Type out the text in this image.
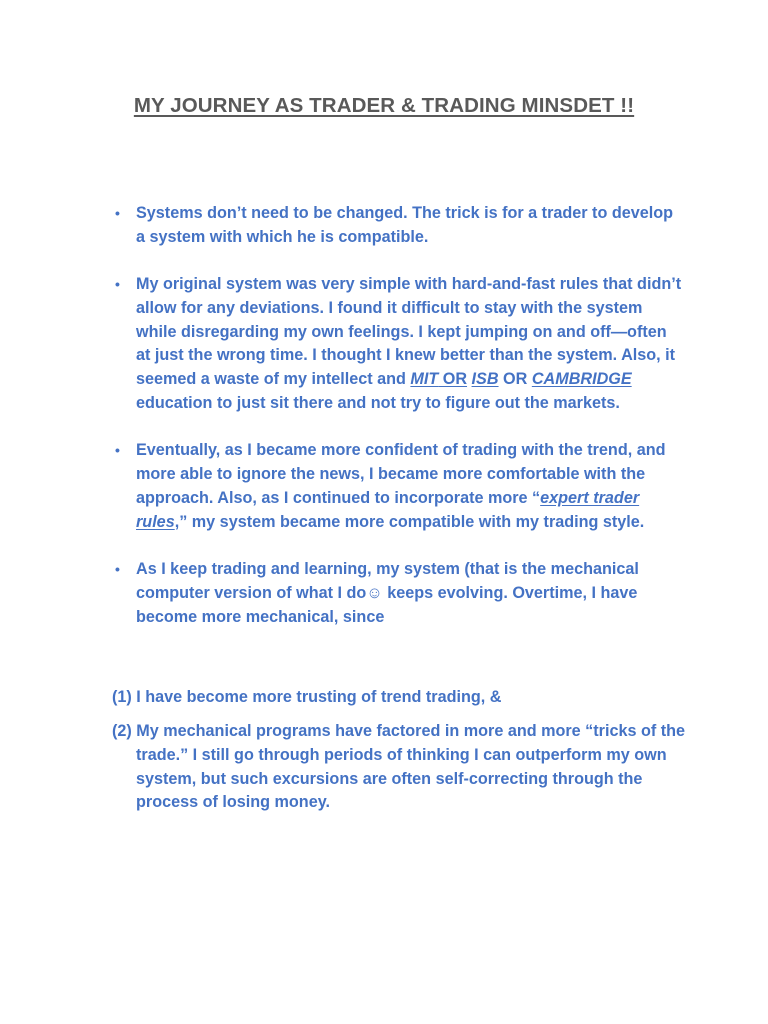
MY JOURNEY AS TRADER & TRADING MINSDET !!
• Systems don’t need to be changed. The trick is for a trader to develop a system with which he is compatible.
• My original system was very simple with hard-and-fast rules that didn’t allow for any deviations. I found it difficult to stay with the system while disregarding my own feelings. I kept jumping on and off—often at just the wrong time. I thought I knew better than the system. Also, it seemed a waste of my intellect and MIT OR ISB OR CAMBRIDGE education to just sit there and not try to figure out the markets.
• Eventually, as I became more confident of trading with the trend, and more able to ignore the news, I became more comfortable with the approach. Also, as I continued to incorporate more “expert trader rules,” my system became more compatible with my trading style.
• As I keep trading and learning, my system (that is the mechanical computer version of what I do☺ keeps evolving. Overtime, I have become more mechanical, since

(1) I have become more trusting of trend trading, &

(2) My mechanical programs have factored in more and more “tricks of the trade.” I still go through periods of thinking I can outperform my own system, but such excursions are often self-correcting through the process of losing money.
